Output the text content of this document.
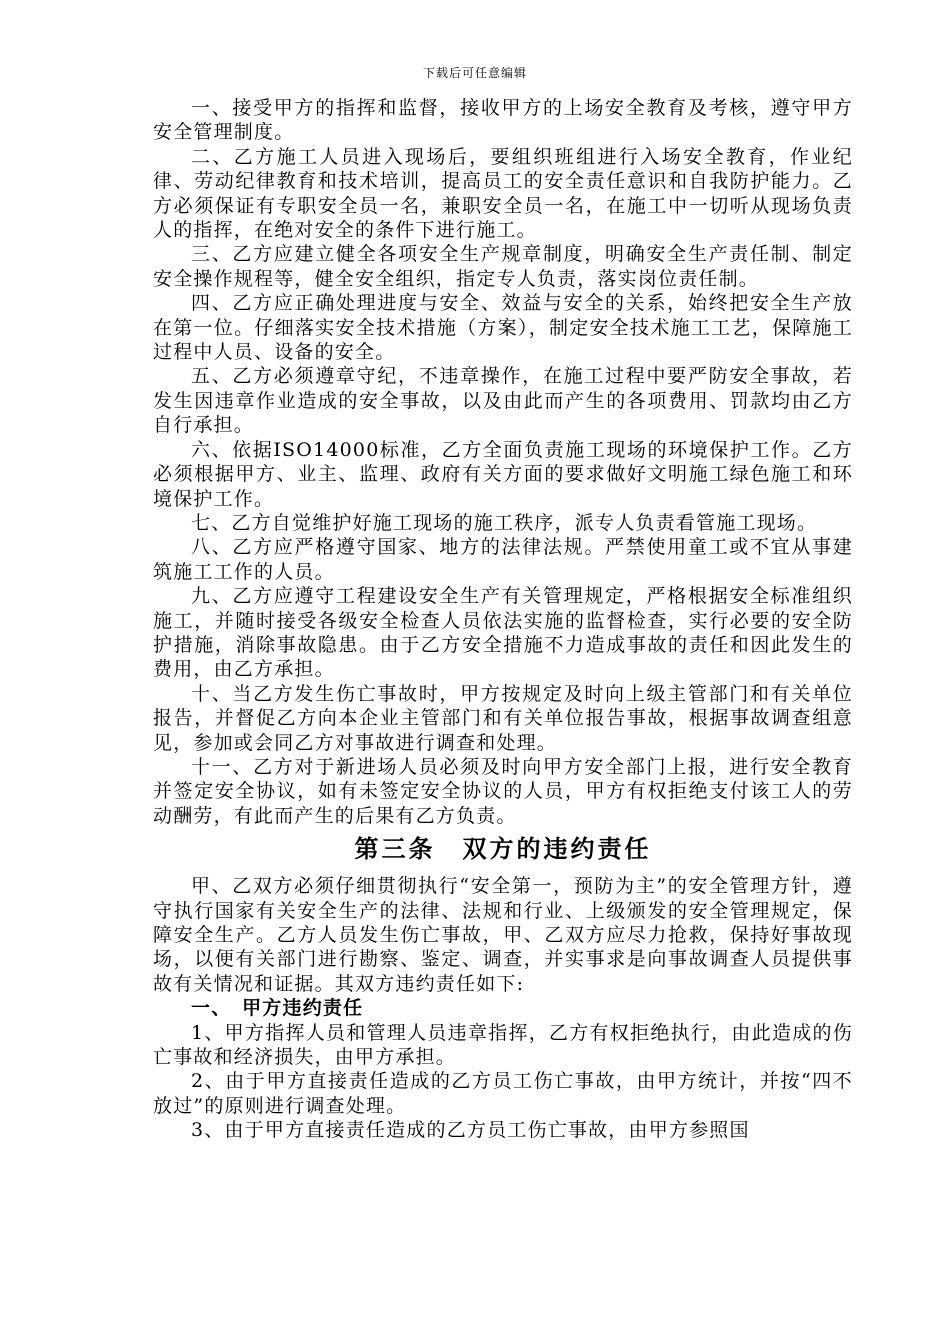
下载后可任意编辑

一、接受甲方的指挥和监督，接收甲方的上场安全教育及考核，遵守甲方安全管理制度。

二、乙方施工人员进入现场后，要组织班组进行入场安全教育，作业纪律、劳动纪律教育和技术培训，提高员工的安全责任意识和自我防护能力。乙方必须保证有专职安全员一名，兼职安全员一名，在施工中一切听从现场负责人的指挥，在绝对安全的条件下进行施工。

三、乙方应建立健全各项安全生产规章制度，明确安全生产责任制、制定安全操作规程等，健全安全组织，指定专人负责，落实岗位责任制。

四、乙方应正确处理进度与安全、效益与安全的关系，始终把安全生产放在第一位。仔细落实安全技术措施（方案），制定安全技术施工工艺，保障施工过程中人员、设备的安全。

五、乙方必须遵章守纪，不违章操作，在施工过程中要严防安全事故，若发生因违章作业造成的安全事故，以及由此而产生的各项费用、罚款均由乙方自行承担。

六、依据ISO14000标准，乙方全面负责施工现场的环境保护工作。乙方必须根据甲方、业主、监理、政府有关方面的要求做好文明施工绿色施工和环境保护工作。

七、乙方自觉维护好施工现场的施工秩序，派专人负责看管施工现场。

八、乙方应严格遵守国家、地方的法律法规。严禁使用童工或不宜从事建筑施工工作的人员。

九、乙方应遵守工程建设安全生产有关管理规定，严格根据安全标准组织施工，并随时接受各级安全检查人员依法实施的监督检查，实行必要的安全防护措施，消除事故隐患。由于乙方安全措施不力造成事故的责任和因此发生的费用，由乙方承担。

十、当乙方发生伤亡事故时，甲方按规定及时向上级主管部门和有关单位报告，并督促乙方向本企业主管部门和有关单位报告事故，根据事故调查组意见，参加或会同乙方对事故进行调查和处理。

十一、乙方对于新进场人员必须及时向甲方安全部门上报，进行安全教育并签定安全协议，如有未签定安全协议的人员，甲方有权拒绝支付该工人的劳动酬劳，有此而产生的后果有乙方负责。

第三条　双方的违约责任

甲、乙双方必须仔细贯彻执行“安全第一，预防为主”的安全管理方针，遵守执行国家有关安全生产的法律、法规和行业、上级颁发的安全管理规定，保障安全生产。乙方人员发生伤亡事故，甲、乙双方应尽力抢救，保持好事故现场，以便有关部门进行勘察、鉴定、调查，并实事求是向事故调查人员提供事故有关情况和证据。其双方违约责任如下:

一、　甲方违约责任

1、甲方指挥人员和管理人员违章指挥，乙方有权拒绝执行，由此造成的伤亡事故和经济损失，由甲方承担。

2、由于甲方直接责任造成的乙方员工伤亡事故，由甲方统计，并按“四不放过”的原则进行调查处理。

3、由于甲方直接责任造成的乙方员工伤亡事故，由甲方参照国
